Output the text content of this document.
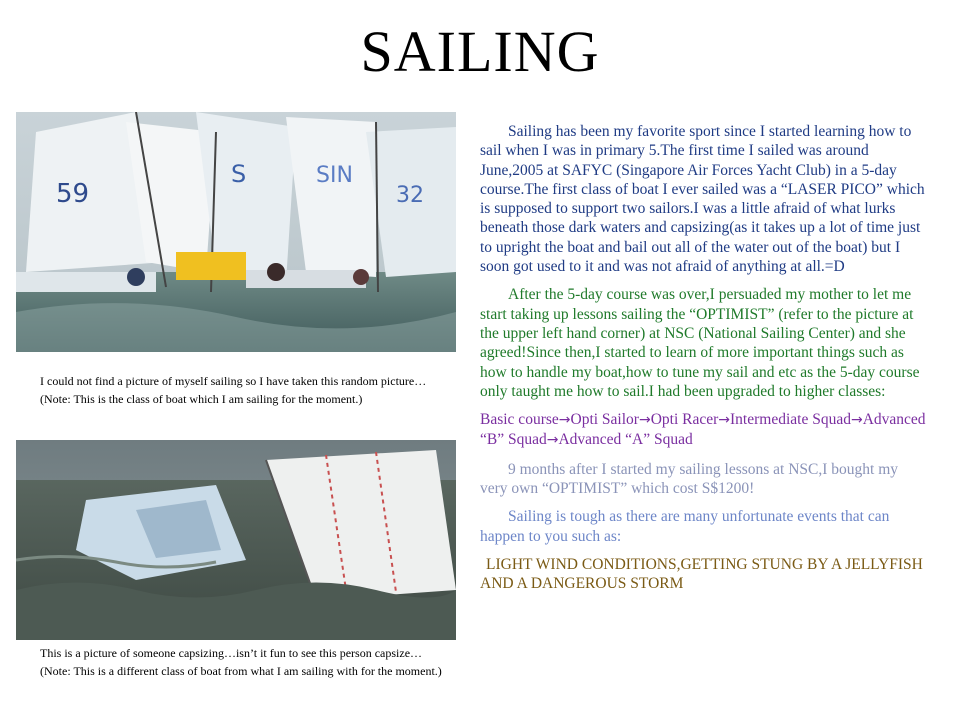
SAILING
59
S	SIN
32
I could not find a picture of myself sailing so I have taken this random picture…(Note: This is the class of boat which I am sailing for the moment.)
This is a picture of someone capsizing…isn’t it fun to see this person capsize…(Note: This is a different class of boat from what I am sailing with for the moment.)

Sailing has been my favorite sport since I started learning how to sail when I was in primary 5.The first time I sailed was around June,2005 at SAFYC (Singapore Air Forces Yacht Club) in a 5-day course.The first class of boat I ever sailed was a “LASER PICO” which is supposed to support two sailors.I was a little afraid of what lurks beneath those dark waters and capsizing(as it takes up a lot of time just to upright the boat and bail out all of the water out of the boat) but I soon got used to it and was not afraid of anything at all.=D

After the 5-day course was over,I persuaded my mother to let me start taking up lessons sailing the “OPTIMIST” (refer to the picture at the upper left hand corner) at NSC (National Sailing Center) and she agreed!Since then,I started to learn of more important things such as how to handle my boat,how to tune my sail and etc as the 5-day course only taught me how to sail.I had been upgraded to higher classes:

Basic course→Opti Sailor→Opti Racer→Intermediate Squad→Advanced “B” Squad→Advanced “A” Squad

9 months after I started my sailing lessons at NSC,I bought my very own “OPTIMIST” which cost S$1200!

Sailing is tough as there are many unfortunate events that can happen to you such as:

LIGHT WIND CONDITIONS,GETTING STUNG BY A JELLYFISH AND A DANGEROUS STORM
